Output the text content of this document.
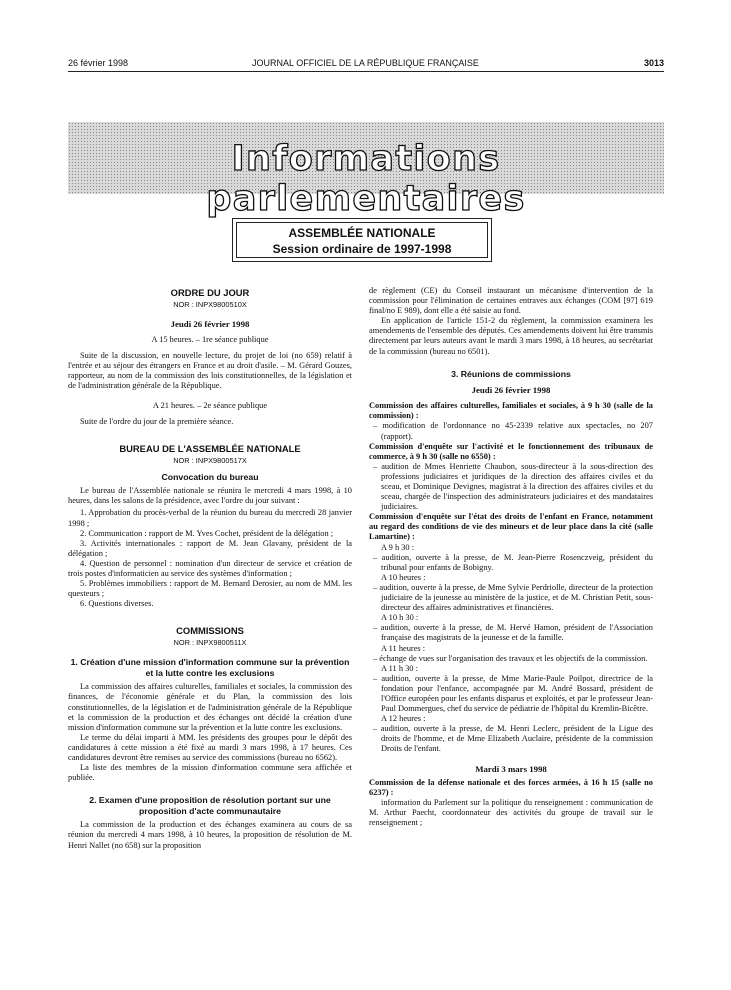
26 février 1998	JOURNAL OFFICIEL DE LA RÉPUBLIQUE FRANÇAISE	3013
Informations parlementaires
ASSEMBLÉE NATIONALE
Session ordinaire de 1997-1998
ORDRE DU JOUR
NOR : INPX9800510X
Jeudi 26 février 1998

A 15 heures. – 1re séance publique

Suite de la discussion, en nouvelle lecture, du projet de loi (no 659) relatif à l'entrée et au séjour des étrangers en France et au droit d'asile. – M. Gérard Gouzes, rapporteur, au nom de la commission des lois constitutionnelles, de la législation et de l'administration générale de la République.

A 21 heures. – 2e séance publique

Suite de l'ordre du jour de la première séance.

BUREAU DE L'ASSEMBLÉE NATIONALE
NOR : INPX9800517X
Convocation du bureau

Le bureau de l'Assemblée nationale se réunira le mercredi 4 mars 1998, à 10 heures, dans les salons de la présidence, avec l'ordre du jour suivant :

1. Approbation du procès-verbal de la réunion du bureau du mercredi 28 janvier 1998 ;

2. Communication : rapport de M. Yves Cochet, président de la délégation ;

3. Activités internationales : rapport de M. Jean Glavany, président de la délégation ;

4. Question de personnel : nomination d'un directeur de service et création de trois postes d'informaticien au service des systèmes d'information ;

5. Problèmes immobiliers : rapport de M. Bernard Derosier, au nom de MM. les questeurs ;

6. Questions diverses.

COMMISSIONS
NOR : INPX9800511X
1. Création d'une mission d'information commune sur la prévention et la lutte contre les exclusions

La commission des affaires culturelles, familiales et sociales, la commission des finances, de l'économie générale et du Plan, la commission des lois constitutionnelles, de la législation et de l'administration générale de la République et la commission de la production et des échanges ont décidé la création d'une mission d'information commune sur la prévention et la lutte contre les exclusions.

Le terme du délai imparti à MM. les présidents des groupes pour le dépôt des candidatures à cette mission a été fixé au mardi 3 mars 1998, à 17 heures. Ces candidatures devront être remises au service des commissions (bureau no 6562).

La liste des membres de la mission d'information commune sera affichée et publiée.

2. Examen d'une proposition de résolution portant sur une proposition d'acte communautaire

La commission de la production et des échanges examinera au cours de sa réunion du mercredi 4 mars 1998, à 10 heures, la proposition de résolution de M. Henri Nallet (no 658) sur la proposition

de règlement (CE) du Conseil instaurant un mécanisme d'intervention de la commission pour l'élimination de certaines entraves aux échanges (COM [97] 619 final/no E 989), dont elle a été saisie au fond.

En application de l'article 151-2 du règlement, la commission examinera les amendements de l'ensemble des députés. Ces amendements doivent lui être transmis directement par leurs auteurs avant le mardi 3 mars 1998, à 18 heures, au secrétariat de la commission (bureau no 6501).

3. Réunions de commissions
Jeudi 26 février 1998

Commission des affaires culturelles, familiales et sociales, à 9 h 30 (salle de la commission) :

– modification de l'ordonnance no 45-2339 relative aux spectacles, no 207 (rapport).

Commission d'enquête sur l'activité et le fonctionnement des tribunaux de commerce, à 9 h 30 (salle no 6550) :

– audition de Mmes Henriette Chaubon, sous-directeur à la sous-direction des professions judiciaires et juridiques de la direction des affaires civiles et du sceau, et Dominique Devignes, magistrat à la direction des affaires civiles et du sceau, chargée de l'inspection des administrateurs judiciaires et des mandataires judiciaires.

Commission d'enquête sur l'état des droits de l'enfant en France, notamment au regard des conditions de vie des mineurs et de leur place dans la cité (salle Lamartine) :

A 9 h 30 :

– audition, ouverte à la presse, de M. Jean-Pierre Rosenczveig, président du tribunal pour enfants de Bobigny.

A 10 heures :

– audition, ouverte à la presse, de Mme Sylvie Perdriolle, directeur de la protection judiciaire de la jeunesse au ministère de la justice, et de M. Christian Petit, sous-directeur des affaires administratives et financières.

A 10 h 30 :

– audition, ouverte à la presse, de M. Hervé Hamon, président de l'Association française des magistrats de la jeunesse et de la famille.

A 11 heures :

– échange de vues sur l'organisation des travaux et les objectifs de la commission.

A 11 h 30 :

– audition, ouverte à la presse, de Mme Marie-Paule Poilpot, directrice de la fondation pour l'enfance, accompagnée par M. André Bossard, président de l'Office européen pour les enfants disparus et exploités, et par le professeur Jean-Paul Dommergues, chef du service de pédiatrie de l'hôpital du Kremlin-Bicêtre.

A 12 heures :

– audition, ouverte à la presse, de M. Henri Leclerc, président de la Ligue des droits de l'homme, et de Mme Elizabeth Auclaire, présidente de la commission Droits de l'enfant.

Mardi 3 mars 1998

Commission de la défense nationale et des forces armées, à 16 h 15 (salle no 6237) :

information du Parlement sur la politique du renseignement : communication de M. Arthur Paecht, coordonnateur des activités du groupe de travail sur le renseignement ;
